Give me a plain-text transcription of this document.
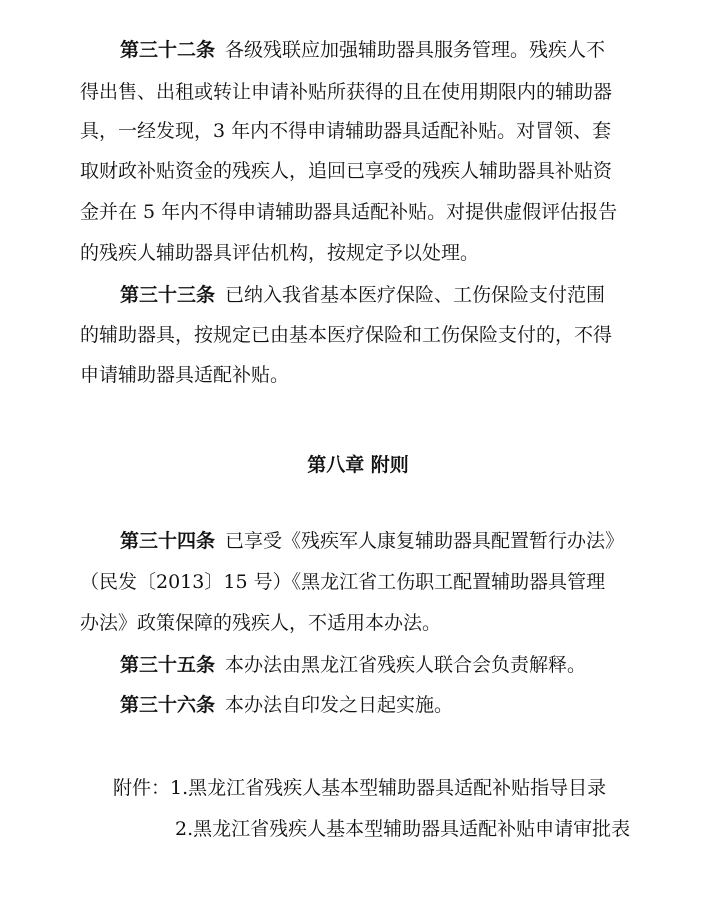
第三十二条 各级残联应加强辅助器具服务管理。残疾人不
得出售、出租或转让申请补贴所获得的且在使用期限内的辅助器
具，一经发现，3 年内不得申请辅助器具适配补贴。对冒领、套
取财政补贴资金的残疾人，追回已享受的残疾人辅助器具补贴资
金并在 5 年内不得申请辅助器具适配补贴。对提供虚假评估报告
的残疾人辅助器具评估机构，按规定予以处理。
第三十三条 已纳入我省基本医疗保险、工伤保险支付范围
的辅助器具，按规定已由基本医疗保险和工伤保险支付的，不得
申请辅助器具适配补贴。
第八章 附则
第三十四条 已享受《残疾军人康复辅助器具配置暂行办法》
（民发〔2013〕15 号）《黑龙江省工伤职工配置辅助器具管理
办法》政策保障的残疾人，不适用本办法。
第三十五条 本办法由黑龙江省残疾人联合会负责解释。
第三十六条 本办法自印发之日起实施。
附件：1.黑龙江省残疾人基本型辅助器具适配补贴指导目录
2.黑龙江省残疾人基本型辅助器具适配补贴申请审批表
